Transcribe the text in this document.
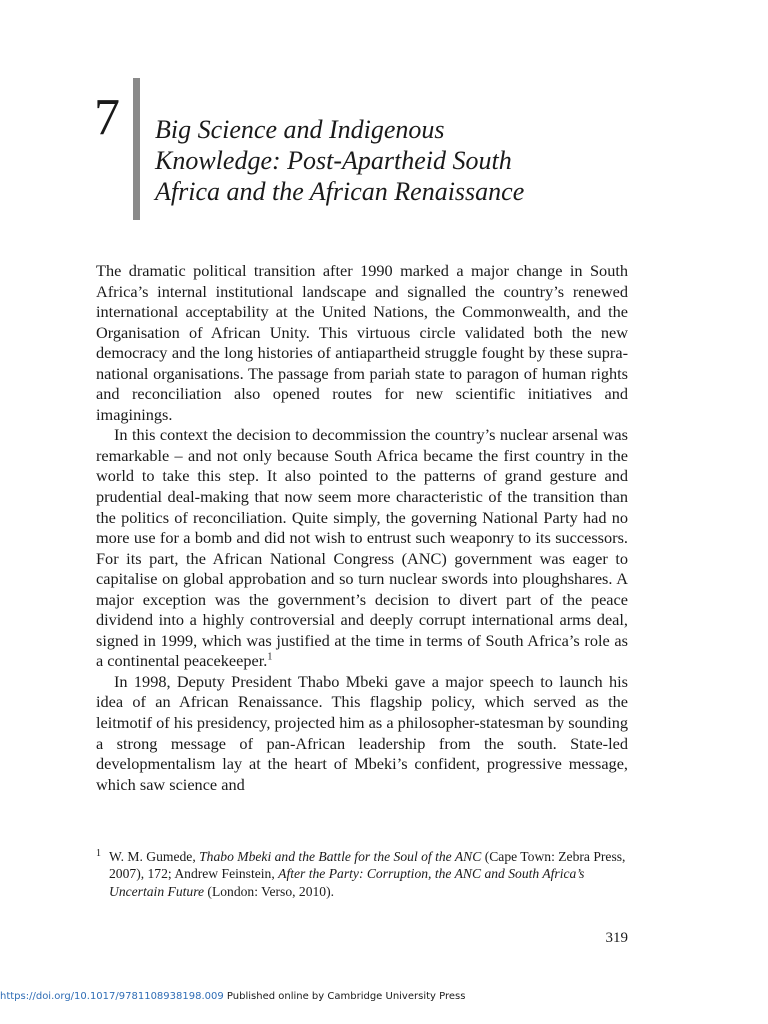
7 Big Science and Indigenous
Knowledge: Post-Apartheid South
Africa and the African Renaissance

The dramatic political transition after 1990 marked a major change in South Africa’s internal institutional landscape and signalled the country’s renewed international acceptability at the United Nations, the Commonwealth, and the Organisation of African Unity. This virtuous circle validated both the new democracy and the long histories of antiapartheid struggle fought by these supra-national organisations. The passage from pariah state to paragon of human rights and reconciliation also opened routes for new scientific initiatives and imaginings.

In this context the decision to decommission the country’s nuclear arsenal was remarkable – and not only because South Africa became the first country in the world to take this step. It also pointed to the patterns of grand gesture and prudential deal-making that now seem more characteristic of the transition than the politics of reconciliation. Quite simply, the governing National Party had no more use for a bomb and did not wish to entrust such weaponry to its successors. For its part, the African National Congress (ANC) government was eager to capitalise on global approbation and so turn nuclear swords into ploughshares. A major exception was the government’s decision to divert part of the peace dividend into a highly controversial and deeply corrupt international arms deal, signed in 1999, which was justified at the time in terms of South Africa’s role as a continental peacekeeper.$^1$

In 1998, Deputy President Thabo Mbeki gave a major speech to launch his idea of an African Renaissance. This flagship policy, which served as the leitmotif of his presidency, projected him as a philosopher-statesman by sounding a strong message of pan-African leadership from the south. State-led developmentalism lay at the heart of Mbeki’s confident, progressive message, which saw science and

1 W. M. Gumede, Thabo Mbeki and the Battle for the Soul of the ANC (Cape Town: Zebra Press, 2007), 172; Andrew Feinstein, After the Party: Corruption, the ANC and South Africa’s Uncertain Future (London: Verso, 2010).
319
https://doi.org/10.1017/9781108938198.009 Published online by Cambridge University Press
